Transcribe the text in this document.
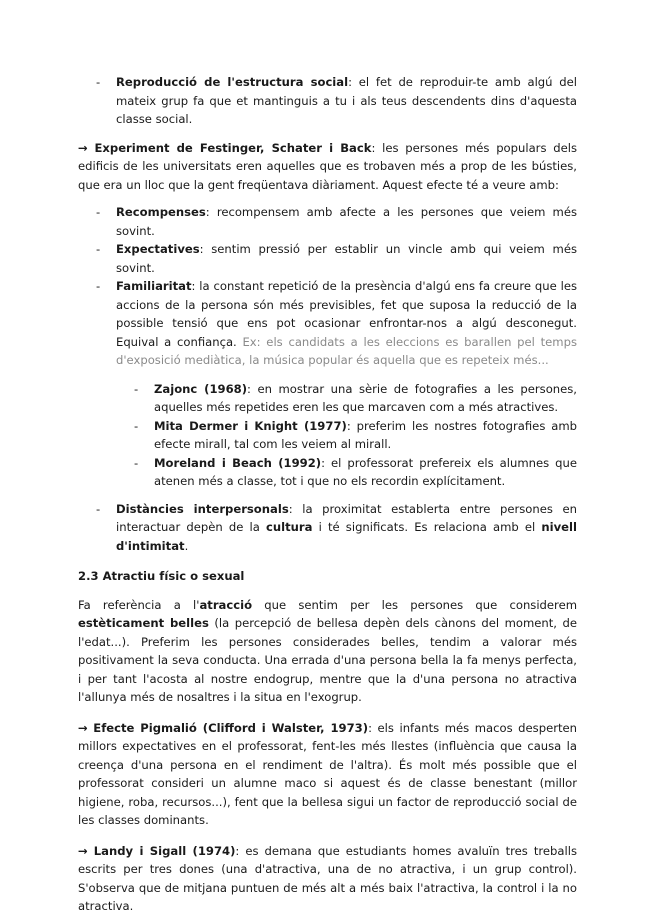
- Reproducció de l'estructura social: el fet de reproduir-te amb algú del mateix grup fa que et mantinguis a tu i als teus descendents dins d'aquesta classe social.

→ Experiment de Festinger, Schater i Back: les persones més populars dels edificis de les universitats eren aquelles que es trobaven més a prop de les bústies, que era un lloc que la gent freqüentava diàriament. Aquest efecte té a veure amb:

- Recompenses: recompensem amb afecte a les persones que veiem més sovint.
- Expectatives: sentim pressió per establir un vincle amb qui veiem més sovint.
- Familiaritat: la constant repetició de la presència d'algú ens fa creure que les accions de la persona són més previsibles, fet que suposa la reducció de la possible tensió que ens pot ocasionar enfrontar-nos a algú desconegut. Equival a confiança. Ex: els candidats a les eleccions es barallen pel temps d'exposició mediàtica, la música popular és aquella que es repeteix més...
- Zajonc (1968): en mostrar una sèrie de fotografies a les persones, aquelles més repetides eren les que marcaven com a més atractives.
- Mita Dermer i Knight (1977): preferim les nostres fotografies amb efecte mirall, tal com les veiem al mirall.
- Moreland i Beach (1992): el professorat prefereix els alumnes que atenen més a classe, tot i que no els recordin explícitament.
- Distàncies interpersonals: la proximitat establerta entre persones en interactuar depèn de la cultura i té significats. Es relaciona amb el nivell d'intimitat.
2.3 Atractiu físic o sexual

Fa referència a l'atracció que sentim per les persones que considerem estèticament belles (la percepció de bellesa depèn dels cànons del moment, de l'edat...). Preferim les persones considerades belles, tendim a valorar més positivament la seva conducta. Una errada d'una persona bella la fa menys perfecta, i per tant l'acosta al nostre endogrup, mentre que la d'una persona no atractiva l'allunya més de nosaltres i la situa en l'exogrup.

→ Efecte Pigmalió (Clifford i Walster, 1973): els infants més macos desperten millors expectatives en el professorat, fent-les més llestes (influència que causa la creença d'una persona en el rendiment de l'altra). És molt més possible que el professorat consideri un alumne maco si aquest és de classe benestant (millor higiene, roba, recursos...), fent que la bellesa sigui un factor de reproducció social de les classes dominants.

→ Landy i Sigall (1974): es demana que estudiants homes avaluïn tres treballs escrits per tres dones (una d'atractiva, una de no atractiva, i un grup control). S'observa que de mitjana puntuen de més alt a més baix l'atractiva, la control i la no atractiva.
